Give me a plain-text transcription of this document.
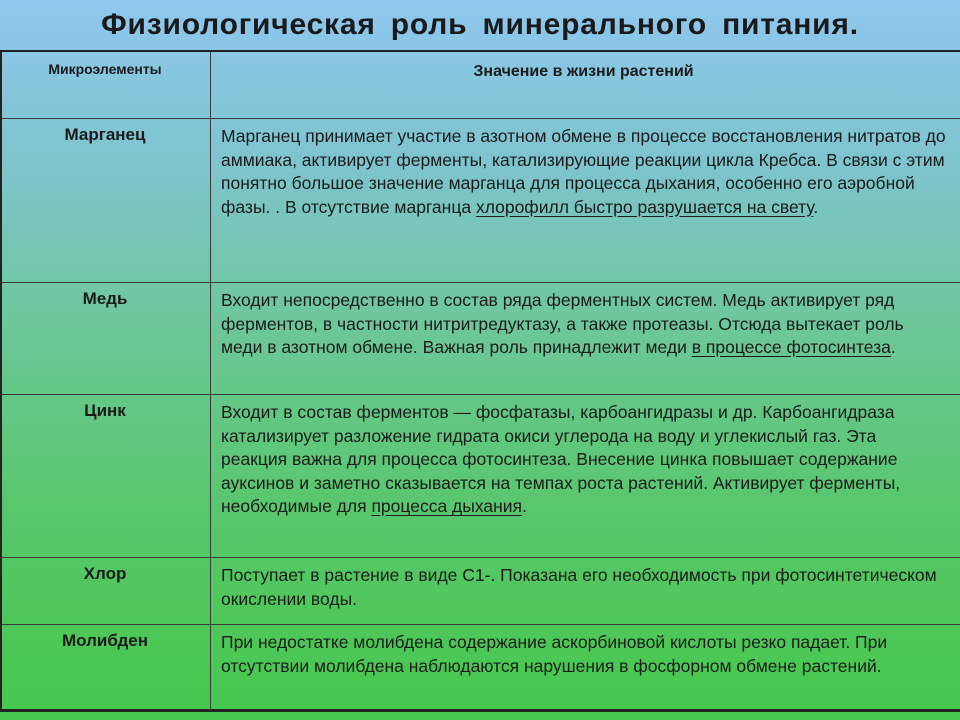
Физиологическая роль минерального питания.
Микроэлементы	Значение в жизни растений
Марганец	Марганец принимает участие в азотном обмене в процессе восстановления нитратов до аммиака, активирует ферменты, катализирующие реакции цикла Кребса. В связи с этим понятно большое значение марганца для процесса дыхания, особенно его аэробной фазы. . В отсутствие марганца хлорофилл быстро разрушается на свету.
Медь	Входит непосредственно в состав ряда ферментных систем. Медь активирует ряд ферментов, в частности нитритредуктазу, а также протеазы. Отсюда вытекает роль меди в азотном обмене. Важная роль принадлежит меди в процессе фотосинтеза.
Цинк	Входит в состав ферментов — фосфатазы, карбоангидразы и др. Карбоангидраза катализирует разложение гидрата окиси углерода на воду и углекислый газ. Эта реакция важна для процесса фотосинтеза. Внесение цинка повышает содержание ауксинов и заметно сказывается на темпах роста растений. Активирует ферменты, необходимые для процесса дыхания.
Хлор	Поступает в растение в виде С1-. Показана его необходимость при фотосинтетическом окислении воды.
Молибден	При недостатке молибдена содержание аскорбиновой кислоты резко падает. При отсутствии молибдена наблюдаются нарушения в фосфорном обмене растений.
